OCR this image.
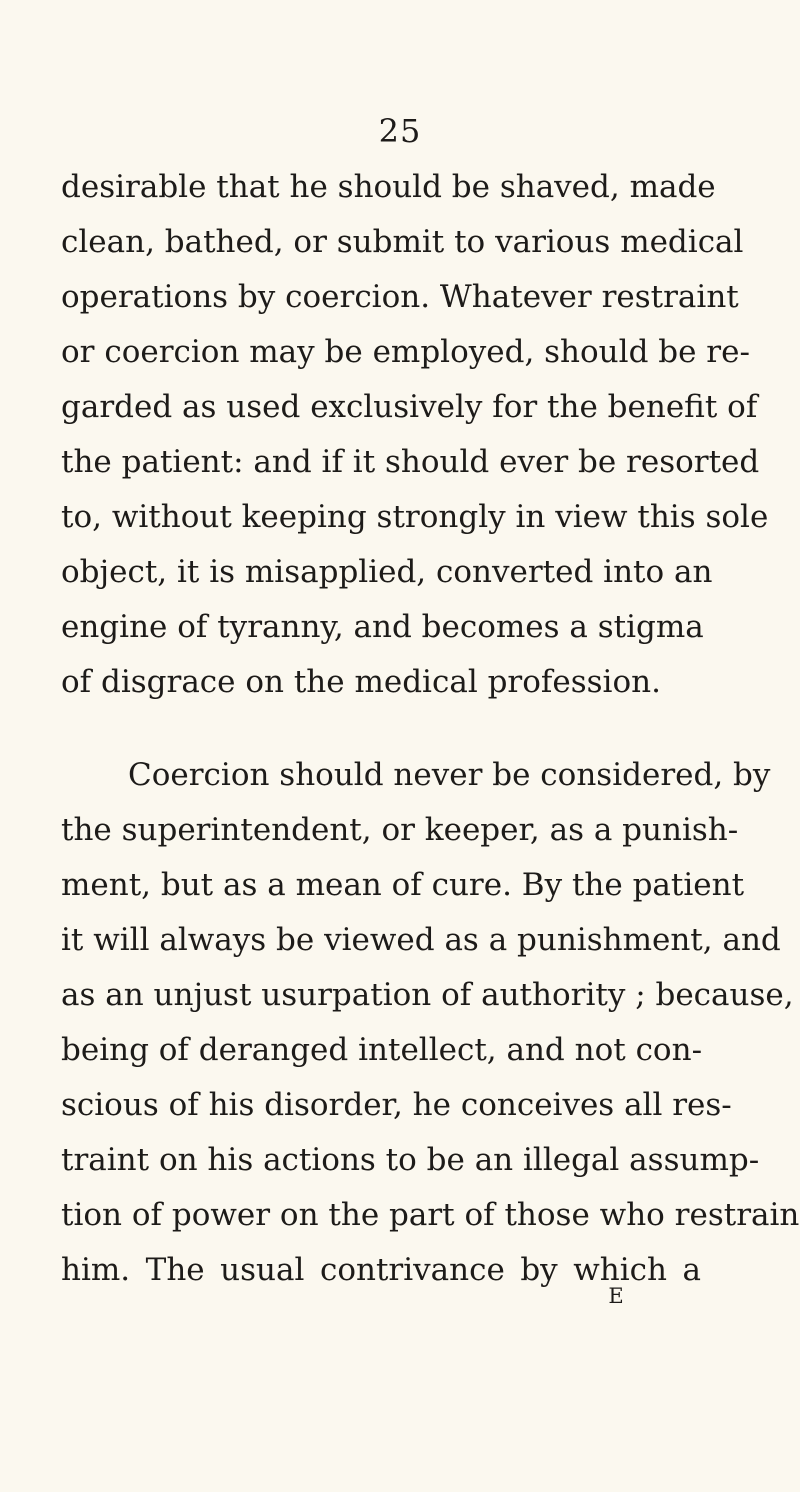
25
desirable that he should be shaved, made
clean, bathed, or submit to various medical
operations by coercion. Whatever restraint
or coercion may be employed, should be re-
garded as used exclusively for the benefit of
the patient: and if it should ever be resorted
to, without keeping strongly in view this sole
object, it is misapplied, converted into an
engine of tyranny, and becomes a stigma
of disgrace on the medical profession.
Coercion should never be considered, by
the superintendent, or keeper, as a punish-
ment, but as a mean of cure. By the patient
it will always be viewed as a punishment, and
as an unjust usurpation of authority ; because,
being of deranged intellect, and not con-
scious of his disorder, he conceives all res-
traint on his actions to be an illegal assump-
tion of power on the part of those who restrain
him. The usual contrivance by which a
E
